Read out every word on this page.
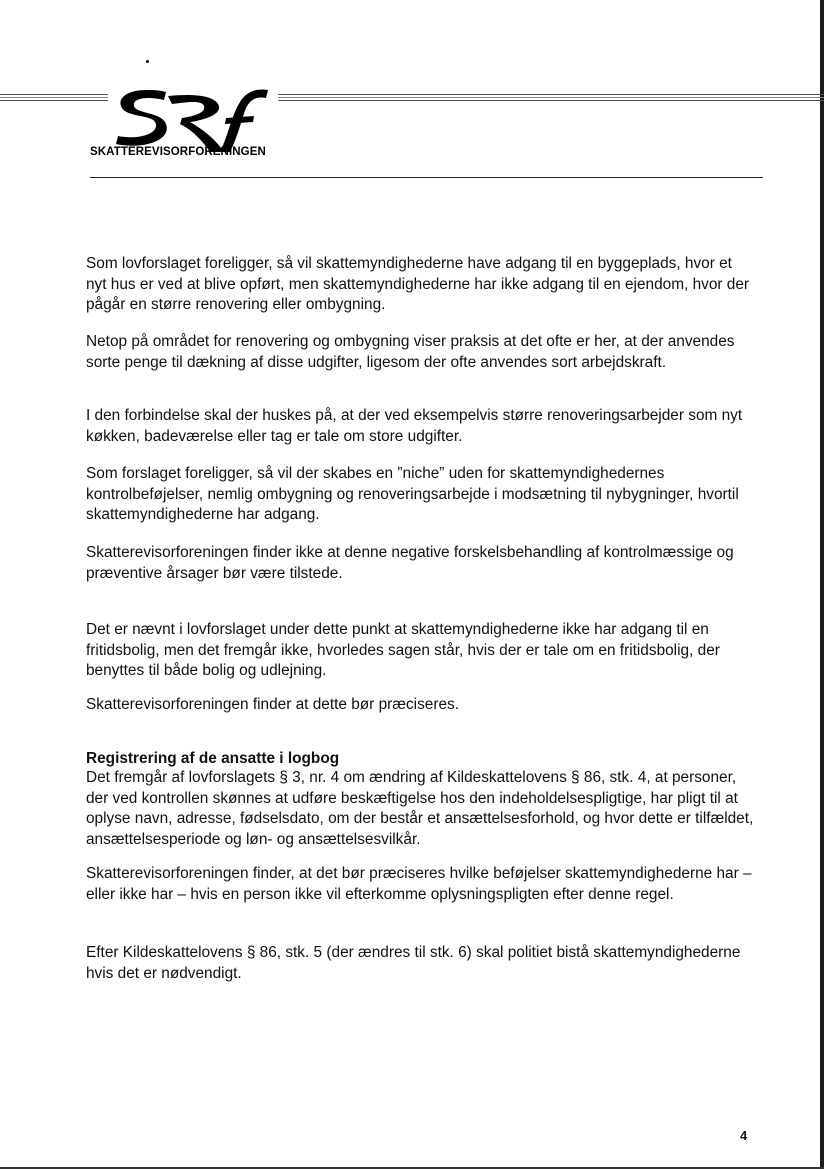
SKATTEREVISORFORENINGEN

Som lovforslaget foreligger, så vil skattemyndighederne have adgang til en byggeplads, hvor et nyt hus er ved at blive opført, men skattemyndighederne har ikke adgang til en ejendom, hvor der pågår en større renovering eller ombygning.

Netop på området for renovering og ombygning viser praksis at det ofte er her, at der anvendes sorte penge til dækning af disse udgifter, ligesom der ofte anvendes sort arbejdskraft.

I den forbindelse skal der huskes på, at der ved eksempelvis større renoveringsarbejder som nyt køkken, badeværelse eller tag er tale om store udgifter.

Som forslaget foreligger, så vil der skabes en ”niche” uden for skattemyndighedernes kontrolbeføjelser, nemlig ombygning og renoveringsarbejde i modsætning til nybygninger, hvortil skattemyndighederne har adgang.

Skatterevisorforeningen finder ikke at denne negative forskelsbehandling af kontrolmæssige og præventive årsager bør være tilstede.

Det er nævnt i lovforslaget under dette punkt at skattemyndighederne ikke har adgang til en fritidsbolig, men det fremgår ikke, hvorledes sagen står, hvis der er tale om en fritidsbolig, der benyttes til både bolig og udlejning.

Skatterevisorforeningen finder at dette bør præciseres.

Registrering af de ansatte i logbog

Det fremgår af lovforslagets § 3, nr. 4 om ændring af Kildeskattelovens § 86, stk. 4, at personer, der ved kontrollen skønnes at udføre beskæftigelse hos den indeholdelsespligtige, har pligt til at oplyse navn, adresse, fødselsdato, om der består et ansættelsesforhold, og hvor dette er tilfældet, ansættelsesperiode og løn- og ansættelsesvilkår.

Skatterevisorforeningen finder, at det bør præciseres hvilke beføjelser skattemyndighederne har – eller ikke har – hvis en person ikke vil efterkomme oplysningspligten efter denne regel.

Efter Kildeskattelovens § 86, stk. 5 (der ændres til stk. 6) skal politiet bistå skattemyndighederne hvis det er nødvendigt.

4
